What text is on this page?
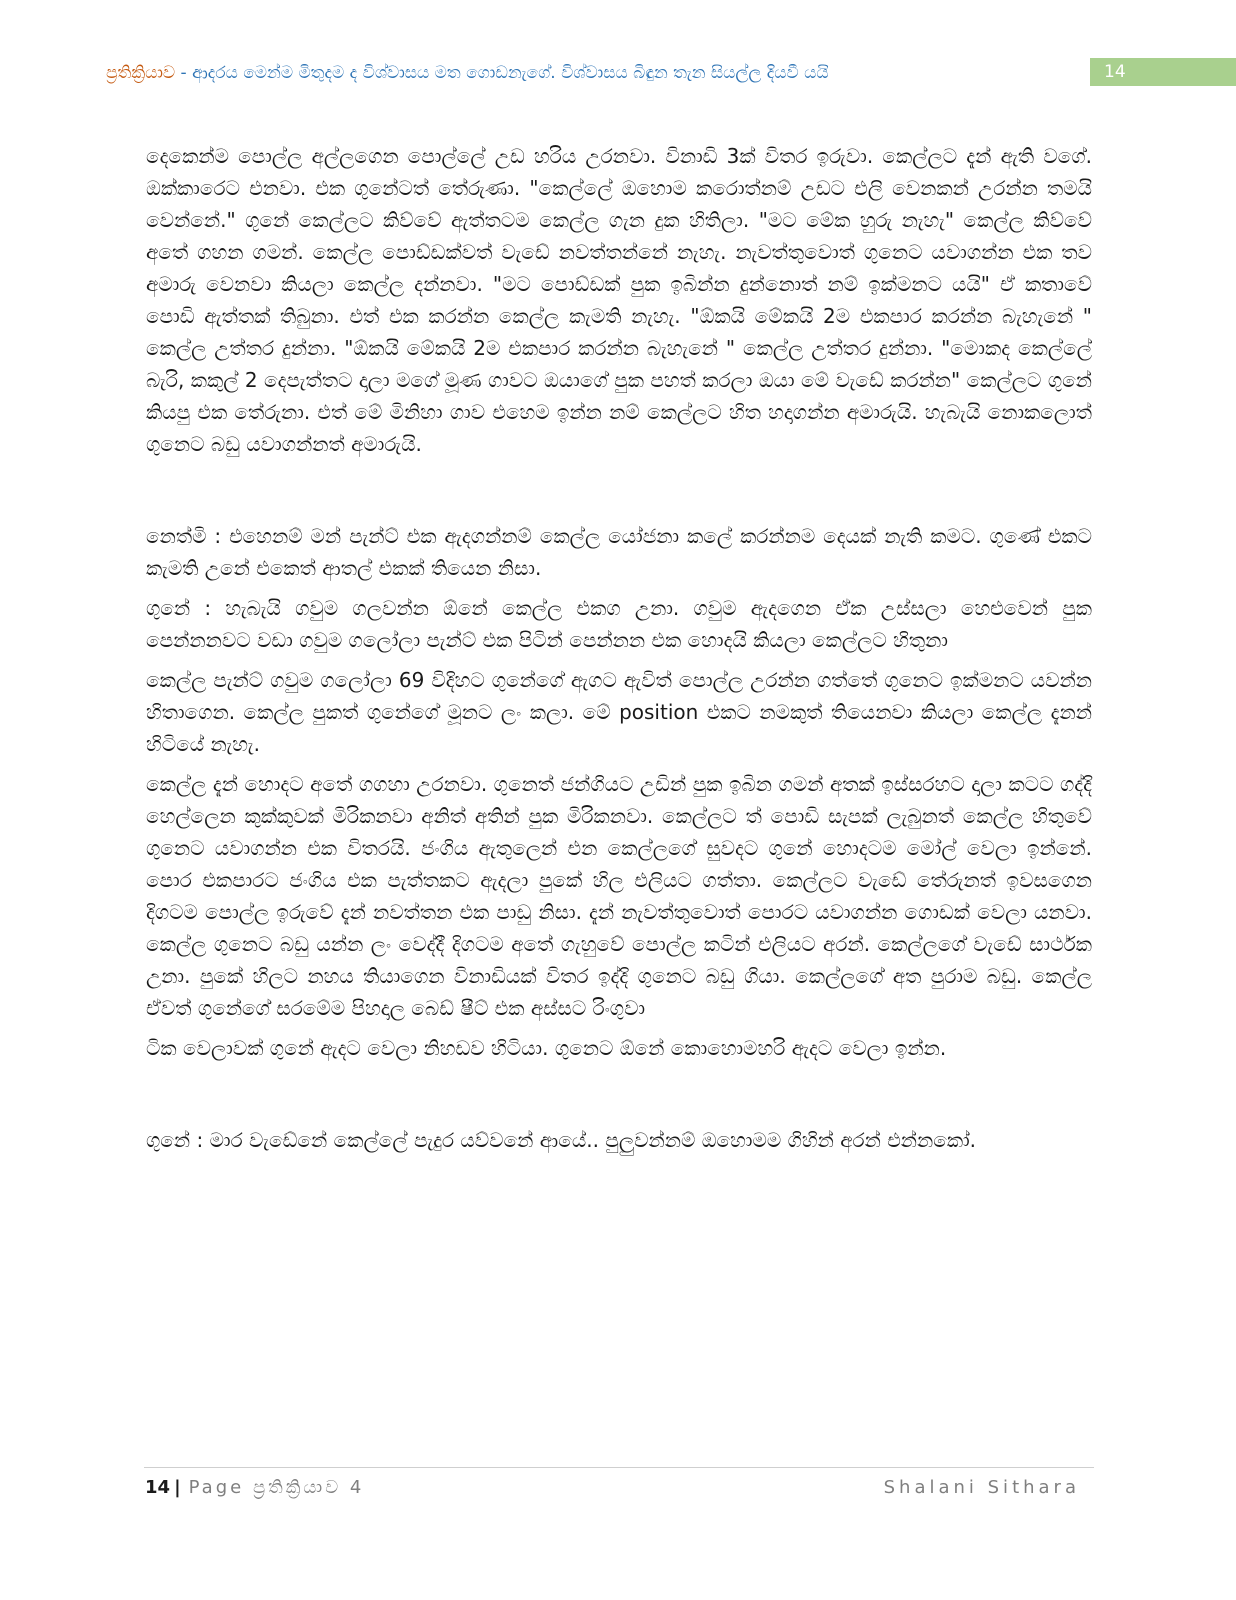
ප්‍රතික්‍රියාව - ආදරය මෙන්ම මිතුදම ද විශ්වාසය මත ගොඩනැගේ. විශ්වාසය බිඳුන තැන සියල්ල දියවී යයි	14

දෙකෙන්ම පොල්ල අල්ලගෙන පොල්ලේ උඩ හරිය උරනවා. විනාඩි 3ක් විතර ඉරුවා. කෙල්ලට දැන් ඇති වගේ. ඔක්කාරෙට එනවා. එක ගුනේටත් තේරුණා. "කෙල්ලේ ඔහොම කරොත්නම් උඩට එලි වෙනකන් උරන්න තමයි වෙන්නේ." ගුනේ කෙල්ලට කිව්වේ ඇත්තටම කෙල්ල ගැන දුක හිතිලා. "මට මේක හුරු නැහැ" කෙල්ල කිව්වේ අතේ ගහන ගමන්. කෙල්ල පොඩ්ඩක්වත් වැඩේ නවත්තන්නේ නැහැ. නැවත්තුවොත් ගුනෙට යවාගන්න එක තව අමාරු වෙනවා කියලා කෙල්ල දන්නවා. "මට පොඩ්ඩක් පුක ඉබින්න දුන්නොත් නම් ඉක්මනට යයි" ඒ කතාවේ පොඩි ඇත්තක් තිබුනා. එත් එක කරන්න කෙල්ල කැමති නැහැ. "ඕකයි මේකයි 2ම එකපාර කරන්න බැහැනේ " කෙල්ල උත්තර දුන්නා. "ඕකයි මේකයි 2ම එකපාර කරන්න බැහැනේ " කෙල්ල උත්තර දුන්නා. "මොකද කෙල්ලේ බැරි, කකුල් 2 දෙපැත්තට දාලා මගේ මූණ ගාවට ඔයාගේ පුක පහත් කරලා ඔයා මේ වැඩේ කරන්න" කෙල්ලට ගුනේ කියපු එක තේරුනා. එත් මේ මිනිහා ගාව එහෙම ඉන්න නම් කෙල්ලට හිත හදාගන්න අමාරුයි. හැබැයි නොකලොත් ගුනෙට බඩු යවාගන්නත් අමාරුයි.

නෙත්මි : එහෙනම් මන් පැන්ට් එක ඇදගන්නම් කෙල්ල යෝජනා කලේ කරන්නම දෙයක් නැති කමට. ගුණේ එකට කැමති උනේ එකෙත් ආතල් එකක් තියෙන නිසා.

ගුනේ : හැබැයි ගවුම ගලවන්න ඕනේ කෙල්ල එකග උනා. ගවුම ඇදගෙන ඒක උස්සලා හෙළුවෙන් පුක පෙන්නනවට වඩා ගවුම ගලෝලා පැන්ට් එක පිටින් පෙන්නන එක හොදයි කියලා කෙල්ලට හිතුනා

කෙල්ල පැන්ට් ගවුම ගලෝලා 69 විදිහට ගුනේගේ ඇගට ඇවිත් පොල්ල උරන්න ගත්තේ ගුනෙට ඉක්මනට යවන්න හිතාගෙන. කෙල්ල පුකත් ගුනේගේ මූනට ලං කලා. මේ position එකට නමකුත් තියෙනවා කියලා කෙල්ල දැනන් හිටියේ නැහැ.

කෙල්ල දැන් හොදට අතේ ගගහා උරනවා. ගුනෙත් ජන්ගියට උඩින් පුක ඉබින ගමන් අතක් ඉස්සරහට දාලා කටට ගද්දි හෙල්ලෙන කුක්කුවක් මිරිකනවා අනිත් අතින් පුක මිරිකනවා. කෙල්ලට ත් පොඩි සැපක් ලැබුනත් කෙල්ල හිතුවේ ගුනෙට යවාගන්න එක විතරයි. ජංගිය ඇතුලෙන් එන කෙල්ලගේ සුවදට ගුනේ හොදටම මෝල් වෙලා ඉන්නේ. පොර එකපාරට ජංගිය එක පැත්තකට ඇදලා පුකේ හිල එලියට ගත්තා. කෙල්ලට වැඩේ තේරුනත් ඉවසගෙන දිගටම පොල්ල ඉරුවේ දැන් නවත්තන එක පාඩු නිසා. දැන් නැවත්තුවොත් පොරට යවාගන්න ගොඩක් වෙලා යනවා. කෙල්ල ගුනෙට බඩු යන්න ලං වෙද්දී දිගටම අතේ ගැහුවේ පොල්ල කටින් එලියට අරන්. කෙල්ලගේ වැඩේ සාර්ථක උනා. පුකේ හිලට නහය තියාගෙන විනාඩියක් විතර ඉද්දි ගුනෙට බඩු ගියා. කෙල්ලගේ අත පුරාම බඩු. කෙල්ල ඒවත් ගුනේගේ සරමේම පිහදාල බෙඩ් ෂීට් එක අස්සට රිංගුවා

ටික වෙලාවක් ගුනේ ඇදට වෙලා නිහඩව හිටියා. ගුනෙට ඕනේ කොහොමහරි ඇදට වෙලා ඉන්න.

ගුනේ : මාර වැඩේනේ කෙල්ලේ පැදුර යව්වනේ ආයේ.. පුලුවන්නම් ඔහොමම ගිහින් අරන් එන්නකෝ.

14 | Page ප්‍රතික්‍රියාව 4	Shalani Sithara
